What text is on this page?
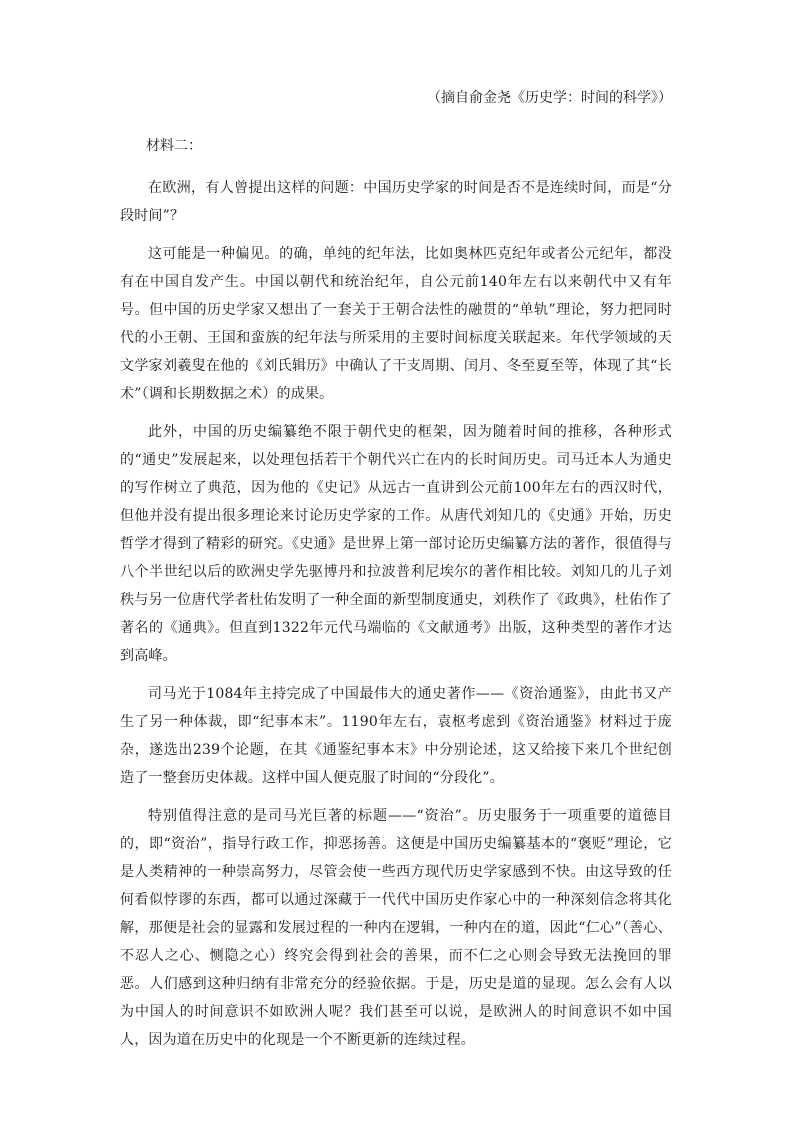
（摘自俞金尧《历史学：时间的科学》）
材料二：

在欧洲，有人曾提出这样的问题：中国历史学家的时间是否不是连续时间，而是“分段时间”？

这可能是一种偏见。的确，单纯的纪年法，比如奥林匹克纪年或者公元纪年，都没有在中国自发产生。中国以朝代和统治纪年，自公元前140年左右以来朝代中又有年号。但中国的历史学家又想出了一套关于王朝合法性的融贯的“单轨”理论，努力把同时代的小王朝、王国和蛮族的纪年法与所采用的主要时间标度关联起来。年代学领域的天文学家刘羲叟在他的《刘氏辑历》中确认了干支周期、闰月、冬至夏至等，体现了其“长术”（调和长期数据之术）的成果。

此外，中国的历史编纂绝不限于朝代史的框架，因为随着时间的推移，各种形式的“通史”发展起来，以处理包括若干个朝代兴亡在内的长时间历史。司马迁本人为通史的写作树立了典范，因为他的《史记》从远古一直讲到公元前100年左右的西汉时代，但他并没有提出很多理论来讨论历史学家的工作。从唐代刘知几的《史通》开始，历史哲学才得到了精彩的研究。《史通》是世界上第一部讨论历史编纂方法的著作，很值得与八个半世纪以后的欧洲史学先驱博丹和拉波普利尼埃尔的著作相比较。刘知几的儿子刘秩与另一位唐代学者杜佑发明了一种全面的新型制度通史，刘秩作了《政典》，杜佑作了著名的《通典》。但直到1322年元代马端临的《文献通考》出版，这种类型的著作才达到高峰。

司马光于1084年主持完成了中国最伟大的通史著作——《资治通鉴》，由此书又产生了另一种体裁，即“纪事本末”。1190年左右，袁枢考虑到《资治通鉴》材料过于庞杂，遂选出239个论题，在其《通鉴纪事本末》中分别论述，这又给接下来几个世纪创造了一整套历史体裁。这样中国人便克服了时间的“分段化”。

特别值得注意的是司马光巨著的标题——“资治”。历史服务于一项重要的道德目的，即“资治”，指导行政工作，抑恶扬善。这便是中国历史编纂基本的“褒贬”理论，它是人类精神的一种崇高努力，尽管会使一些西方现代历史学家感到不快。由这导致的任何看似悖谬的东西，都可以通过深藏于一代代中国历史作家心中的一种深刻信念将其化解，那便是社会的显露和发展过程的一种内在逻辑，一种内在的道，因此“仁心”（善心、不忍人之心、恻隐之心）终究会得到社会的善果，而不仁之心则会导致无法挽回的罪恶。人们感到这种归纳有非常充分的经验依据。于是，历史是道的显现。怎么会有人以为中国人的时间意识不如欧洲人呢？我们甚至可以说，是欧洲人的时间意识不如中国人，因为道在历史中的化现是一个不断更新的连续过程。
